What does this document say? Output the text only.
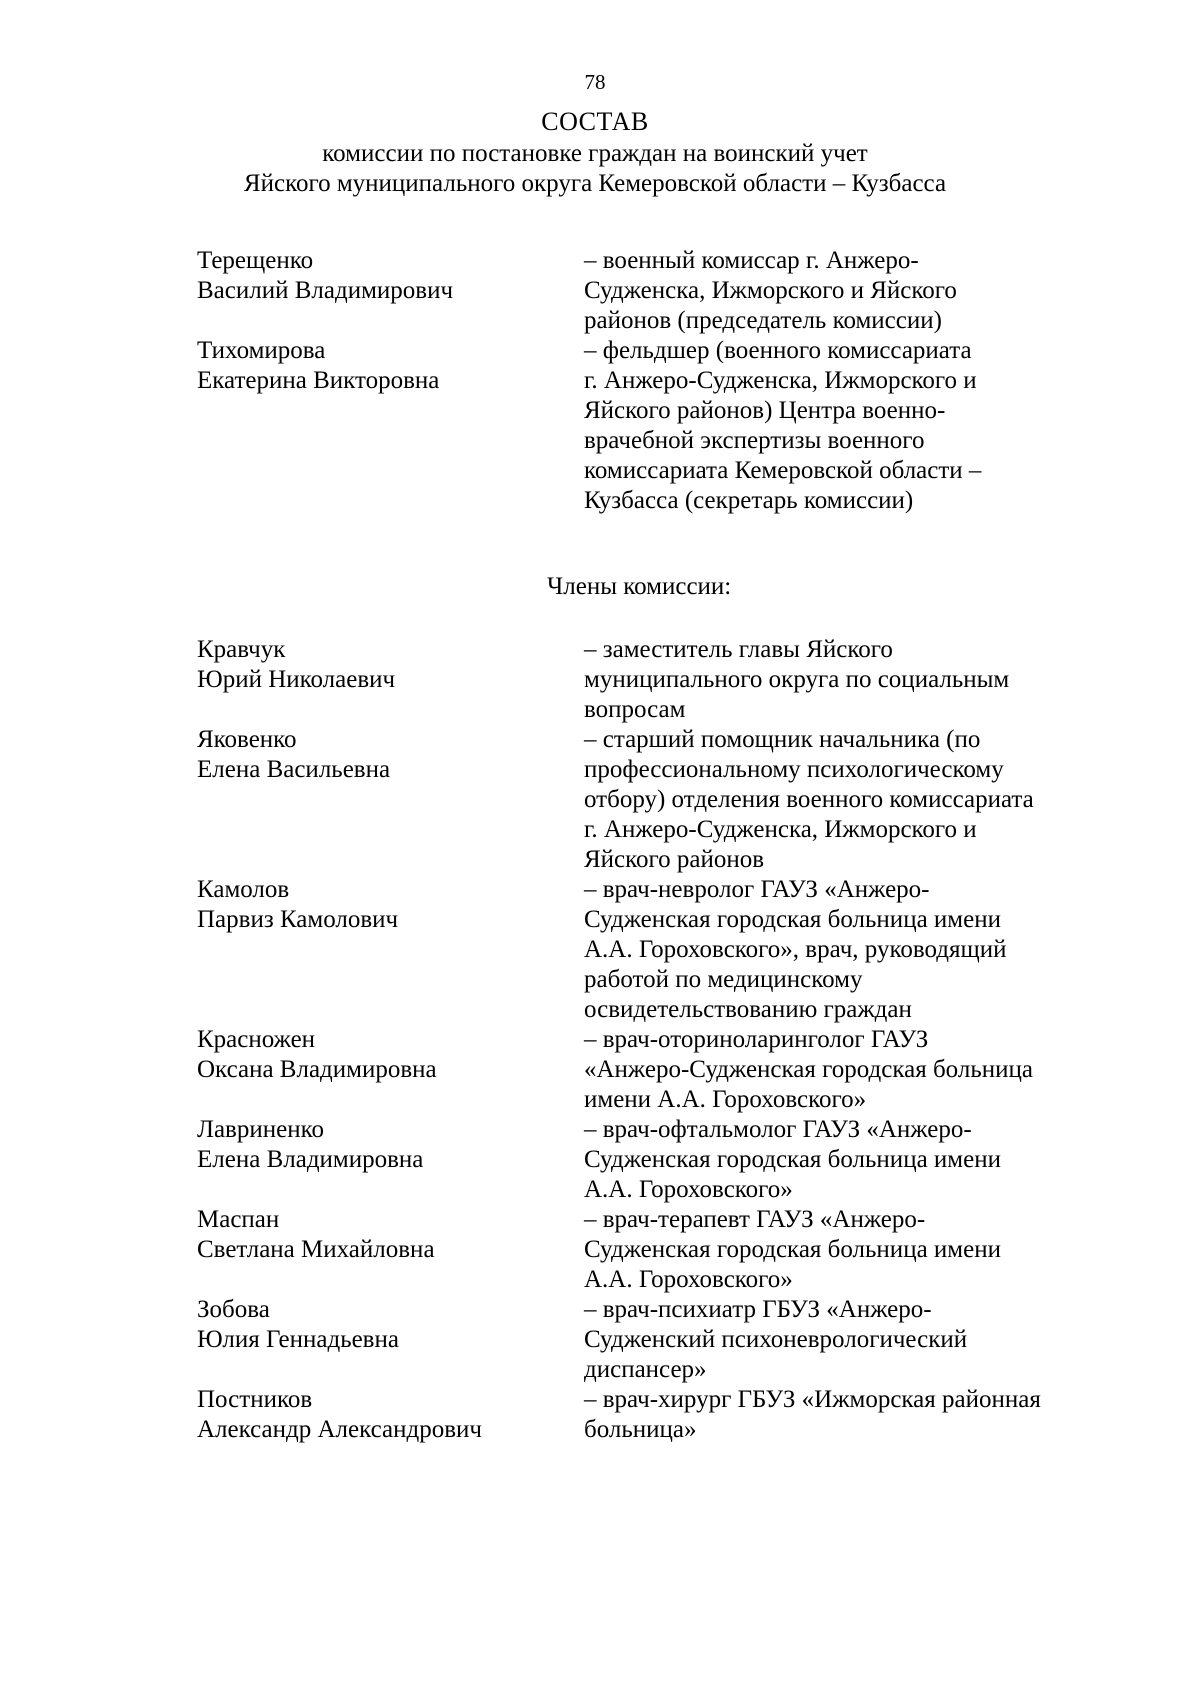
78
СОСТАВ
комиссии по постановке граждан на воинский учет
Яйского муниципального округа Кемеровской области – Кузбасса
Терещенко
Василий Владимирович
– военный комиссар г. Анжеро-
Судженска, Ижморского и Яйского
районов (председатель комиссии)
Тихомирова
Екатерина Викторовна
– фельдшер (военного комиссариата
г. Анжеро-Судженска, Ижморского и
Яйского районов) Центра военно-
врачебной экспертизы военного
комиссариата Кемеровской области –
Кузбасса (секретарь комиссии)
Члены комиссии:
Кравчук
Юрий Николаевич
– заместитель главы Яйского
муниципального округа по социальным
вопросам
Яковенко
Елена Васильевна
– старший помощник начальника (по
профессиональному психологическому
отбору) отделения военного комиссариата
г. Анжеро-Судженска, Ижморского и
Яйского районов
Камолов
Парвиз Камолович
– врач-невролог ГАУЗ «Анжеро-
Судженская городская больница имени
А.А. Гороховского», врач, руководящий
работой по медицинскому
освидетельствованию граждан
Красножен
Оксана Владимировна
– врач-оториноларинголог ГАУЗ
«Анжеро-Судженская городская больница
имени А.А. Гороховского»
Лавриненко
Елена Владимировна
– врач-офтальмолог ГАУЗ «Анжеро-
Судженская городская больница имени
А.А. Гороховского»
Маспан
Светлана Михайловна
– врач-терапевт ГАУЗ «Анжеро-
Судженская городская больница имени
А.А. Гороховского»
Зобова
Юлия Геннадьевна
– врач-психиатр ГБУЗ «Анжеро-
Судженский психоневрологический
диспансер»
Постников
Александр Александрович
– врач-хирург ГБУЗ «Ижморская районная
больница»
